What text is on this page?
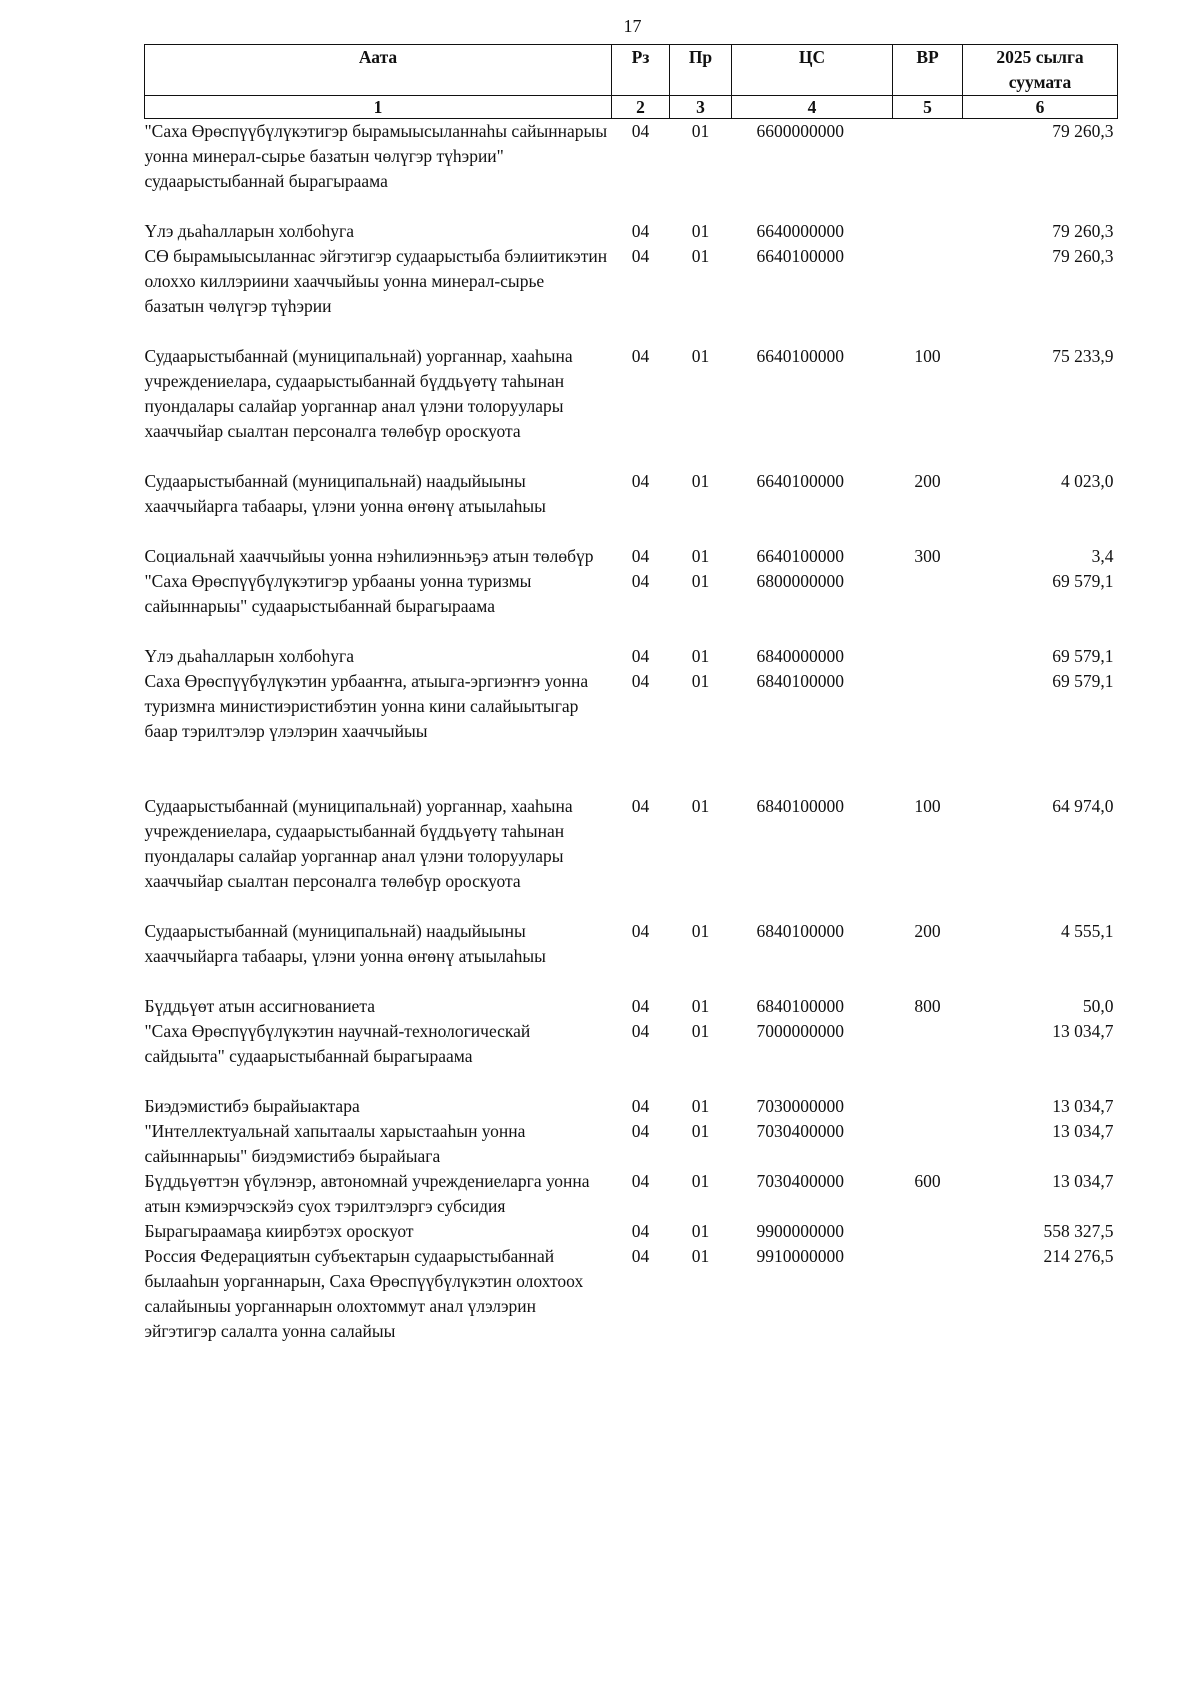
17
Аата	Рз	Пр	ЦС	ВР	2025 сылга суумата
1	2	3	4	5	6
"Саха Өрөспүүбүлүкэтигэр бырамыысыланнаһы сайыннарыы уонна минерал-сырье базатын чөлүгэр түһэрии" судаарыстыбаннай бырагыраама	04	01	6600000000		79 260,3
Үлэ дьаһалларын холбоһуга	04	01	6640000000		79 260,3
СӨ бырамыысыланнас эйгэтигэр судаарыстыба бэлиитикэтин олоххо киллэриини хааччыйыы уонна минерал-сырье базатын чөлүгэр түһэрии	04	01	6640100000		79 260,3
Судаарыстыбаннай (муниципальнай) уорганнар, хааһына учреждениелара, судаарыстыбаннай бүддьүөтү таһынан пуондалары салайар уорганнар анал үлэни толоруулары хааччыйар сыалтан персоналга төлөбүр ороскуота	04	01	6640100000	100	75 233,9
Судаарыстыбаннай (муниципальнай) наадыйыыны хааччыйарга табаары, үлэни уонна өҥөнү атыылаһыы	04	01	6640100000	200	4 023,0
Социальнай хааччыйыы уонна нэһилиэнньэҕэ атын төлөбүр	04	01	6640100000	300	3,4
"Саха Өрөспүүбүлүкэтигэр урбааны уонна туризмы сайыннарыы" судаарыстыбаннай бырагыраама	04	01	6800000000		69 579,1
Үлэ дьаһалларын холбоһуга	04	01	6840000000		69 579,1
Саха Өрөспүүбүлүкэтин урбааҥҥа, атыыга-эргиэҥҥэ уонна туризмҥа министиэристибэтин уонна кини салайыытыгар баар тэрилтэлэр үлэлэрин хааччыйыы	04	01	6840100000		69 579,1
Судаарыстыбаннай (муниципальнай) уорганнар, хааһына учреждениелара, судаарыстыбаннай бүддьүөтү таһынан пуондалары салайар уорганнар анал үлэни толоруулары хааччыйар сыалтан персоналга төлөбүр ороскуота	04	01	6840100000	100	64 974,0
Судаарыстыбаннай (муниципальнай) наадыйыыны хааччыйарга табаары, үлэни уонна өҥөнү атыылаһыы	04	01	6840100000	200	4 555,1
Бүддьүөт атын ассигнованиета	04	01	6840100000	800	50,0
"Саха Өрөспүүбүлүкэтин научнай-технологическай сайдыыта" судаарыстыбаннай бырагыраама	04	01	7000000000		13 034,7
Биэдэмистибэ бырайыактара	04	01	7030000000		13 034,7
"Интеллектуальнай хапытаалы харыстааһын уонна сайыннарыы" биэдэмистибэ бырайыага	04	01	7030400000		13 034,7
Бүддьүөттэн үбүлэнэр, автономнай учреждениеларга уонна атын кэмиэрчэскэйэ суох тэрилтэлэргэ субсидия	04	01	7030400000	600	13 034,7
Бырагыраамаҕа киирбэтэх ороскуот	04	01	9900000000		558 327,5
Россия Федерациятын субъектарын судаарыстыбаннай былааһын уорганнарын, Саха Өрөспүүбүлүкэтин олохтоох салайыныы уорганнарын олохтоммут анал үлэлэрин эйгэтигэр салалта уонна салайыы	04	01	9910000000		214 276,5
